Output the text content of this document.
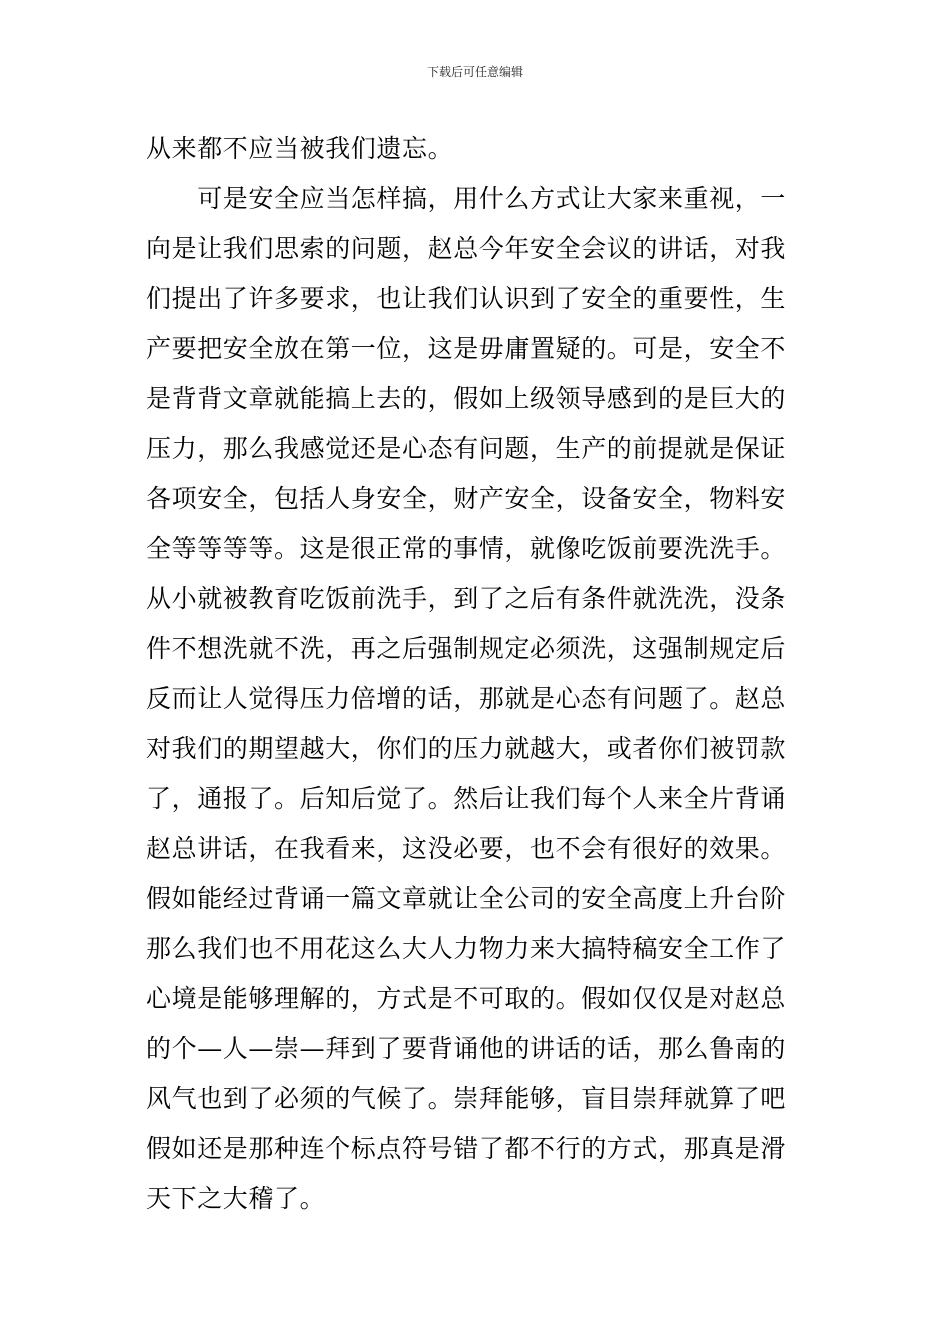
下载后可任意编辑
从来都不应当被我们遗忘。
　　可是安全应当怎样搞，用什么方式让大家来重视，一
向是让我们思索的问题，赵总今年安全会议的讲话，对我
们提出了许多要求，也让我们认识到了安全的重要性，生
产要把安全放在第一位，这是毋庸置疑的。可是，安全不
是背背文章就能搞上去的，假如上级领导感到的是巨大的
压力，那么我感觉还是心态有问题，生产的前提就是保证
各项安全，包括人身安全，财产安全，设备安全，物料安
全等等等等。这是很正常的事情，就像吃饭前要洗洗手。
从小就被教育吃饭前洗手，到了之后有条件就洗洗，没条
件不想洗就不洗，再之后强制规定必须洗，这强制规定后
反而让人觉得压力倍增的话，那就是心态有问题了。赵总
对我们的期望越大，你们的压力就越大，或者你们被罚款
了，通报了。后知后觉了。然后让我们每个人来全片背诵
赵总讲话，在我看来，这没必要，也不会有很好的效果。
假如能经过背诵一篇文章就让全公司的安全高度上升台阶
那么我们也不用花这么大人力物力来大搞特稿安全工作了
心境是能够理解的，方式是不可取的。假如仅仅是对赵总
的个—人—崇—拜到了要背诵他的讲话的话，那么鲁南的
风气也到了必须的气候了。崇拜能够，盲目崇拜就算了吧
假如还是那种连个标点符号错了都不行的方式，那真是滑
天下之大稽了。
